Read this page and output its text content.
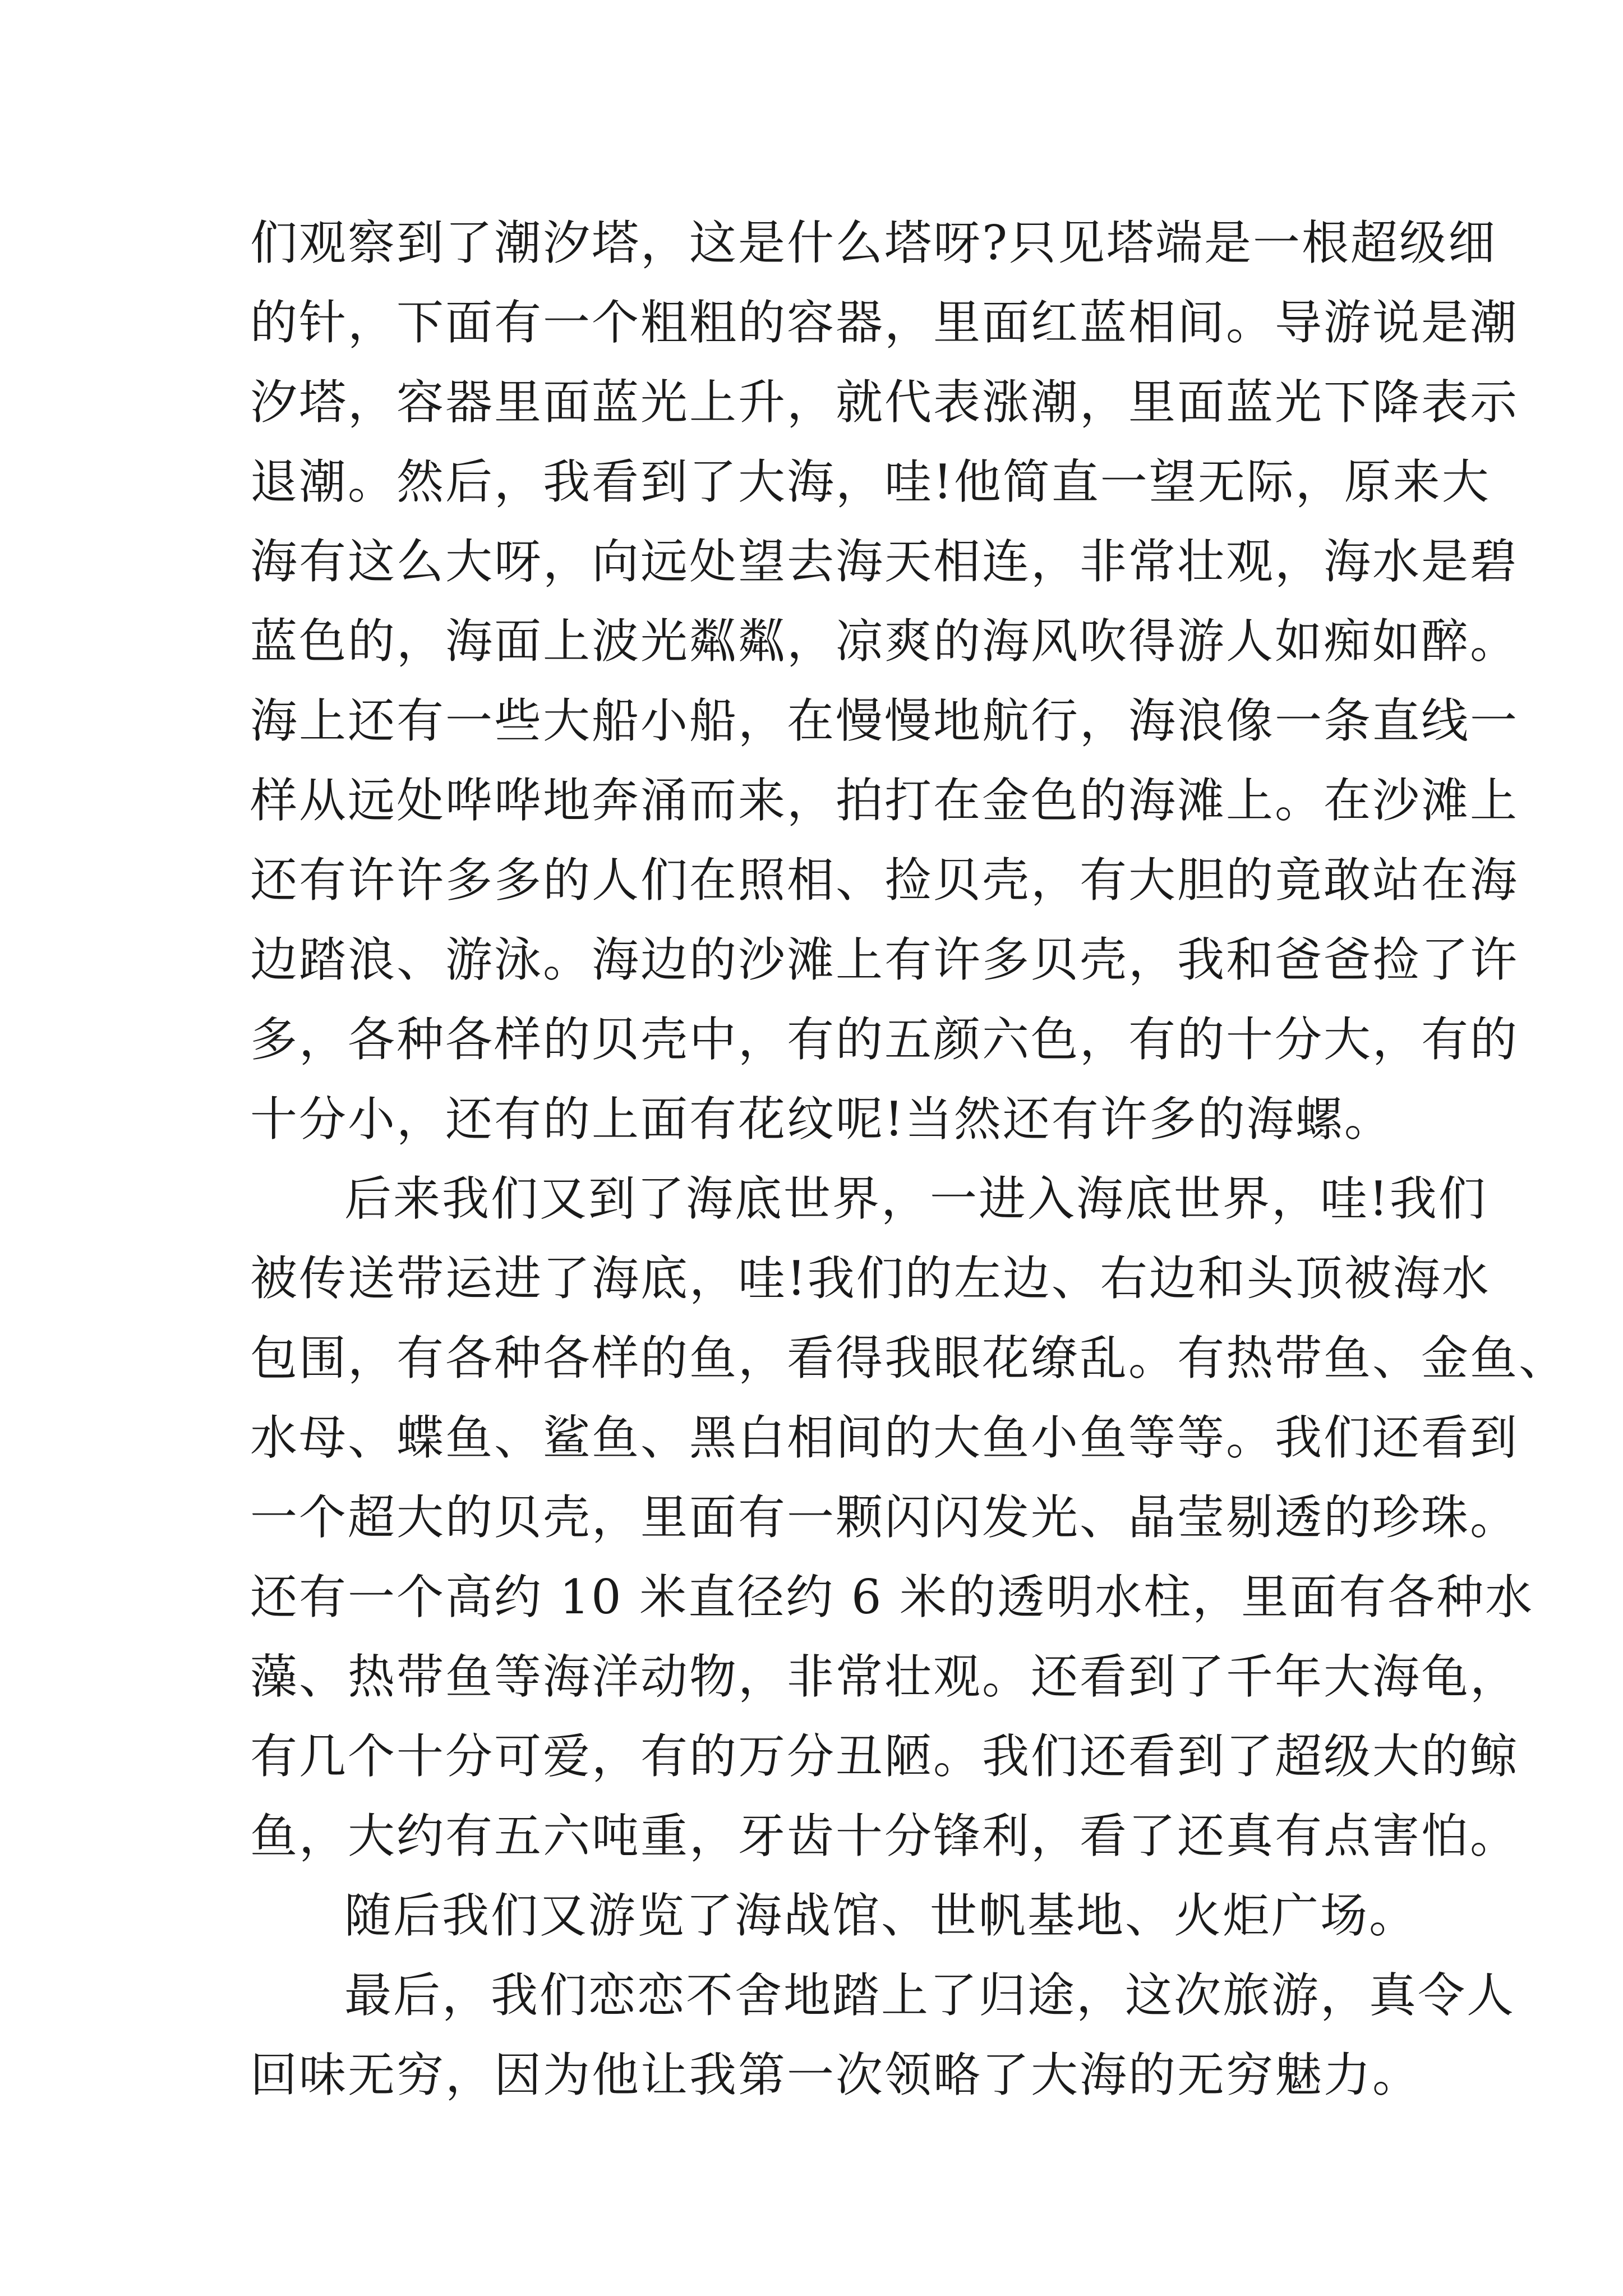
们观察到了潮汐塔，这是什么塔呀?只见塔端是一根超级细
的针，下面有一个粗粗的容器，里面红蓝相间。导游说是潮
汐塔，容器里面蓝光上升，就代表涨潮，里面蓝光下降表示
退潮。然后，我看到了大海，哇!他简直一望无际，原来大
海有这么大呀，向远处望去海天相连，非常壮观，海水是碧
蓝色的，海面上波光粼粼，凉爽的海风吹得游人如痴如醉。
海上还有一些大船小船，在慢慢地航行，海浪像一条直线一
样从远处哗哗地奔涌而来，拍打在金色的海滩上。在沙滩上
还有许许多多的人们在照相、捡贝壳，有大胆的竟敢站在海
边踏浪、游泳。海边的沙滩上有许多贝壳，我和爸爸捡了许
多，各种各样的贝壳中，有的五颜六色，有的十分大，有的
十分小，还有的上面有花纹呢!当然还有许多的海螺。
后来我们又到了海底世界，一进入海底世界，哇!我们
被传送带运进了海底，哇!我们的左边、右边和头顶被海水
包围，有各种各样的鱼，看得我眼花缭乱。有热带鱼、金鱼、
水母、蝶鱼、鲨鱼、黑白相间的大鱼小鱼等等。我们还看到
一个超大的贝壳，里面有一颗闪闪发光、晶莹剔透的珍珠。
还有一个高约 10 米直径约 6 米的透明水柱，里面有各种水
藻、热带鱼等海洋动物，非常壮观。还看到了千年大海龟，
有几个十分可爱，有的万分丑陋。我们还看到了超级大的鲸
鱼，大约有五六吨重，牙齿十分锋利，看了还真有点害怕。
随后我们又游览了海战馆、世帆基地、火炬广场。
最后，我们恋恋不舍地踏上了归途，这次旅游，真令人
回味无穷，因为他让我第一次领略了大海的无穷魅力。
